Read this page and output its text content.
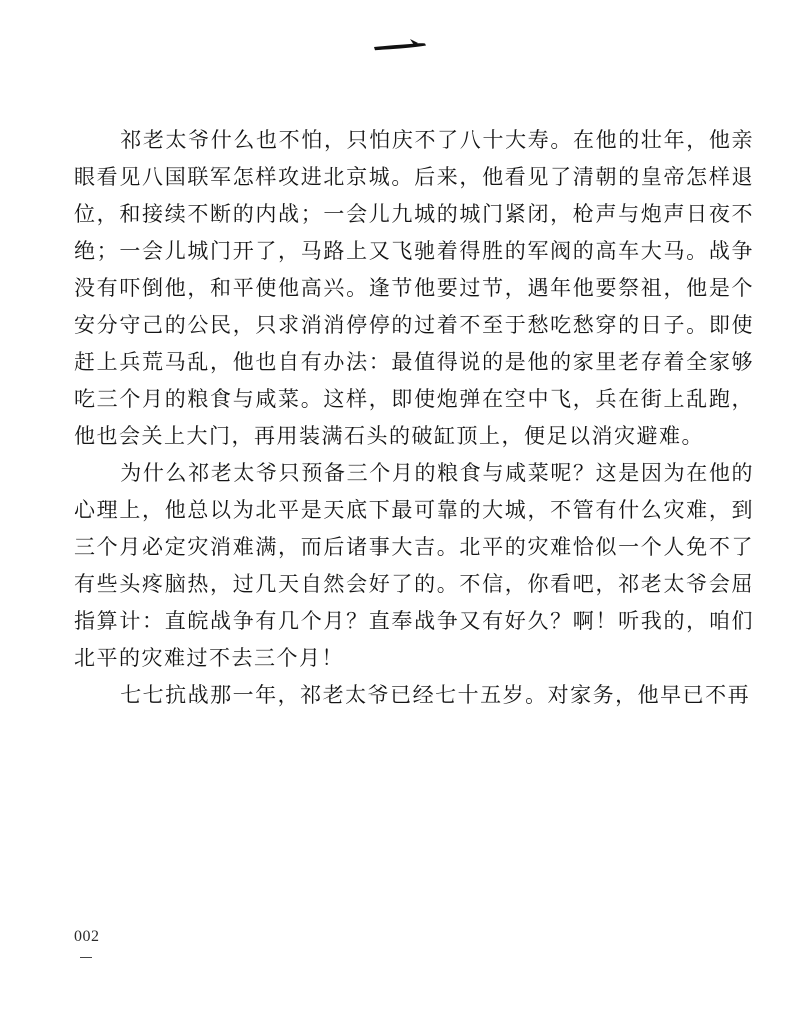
祁老太爷什么也不怕，只怕庆不了八十大寿。在他的壮年，他亲眼看见八国联军怎样攻进北京城。后来，他看见了清朝的皇帝怎样退位，和接续不断的内战；一会儿九城的城门紧闭，枪声与炮声日夜不绝；一会儿城门开了，马路上又飞驰着得胜的军阀的高车大马。战争没有吓倒他，和平使他高兴。逢节他要过节，遇年他要祭祖，他是个安分守己的公民，只求消消停停的过着不至于愁吃愁穿的日子。即使赶上兵荒马乱，他也自有办法：最值得说的是他的家里老存着全家够吃三个月的粮食与咸菜。这样，即使炮弹在空中飞，兵在街上乱跑，他也会关上大门，再用装满石头的破缸顶上，便足以消灾避难。

为什么祁老太爷只预备三个月的粮食与咸菜呢？这是因为在他的心理上，他总以为北平是天底下最可靠的大城，不管有什么灾难，到三个月必定灾消难满，而后诸事大吉。北平的灾难恰似一个人免不了有些头疼脑热，过几天自然会好了的。不信，你看吧，祁老太爷会屈指算计：直皖战争有几个月？直奉战争又有好久？啊！听我的，咱们北平的灾难过不去三个月！

七七抗战那一年，祁老太爷已经七十五岁。对家务，他早已不再

002
